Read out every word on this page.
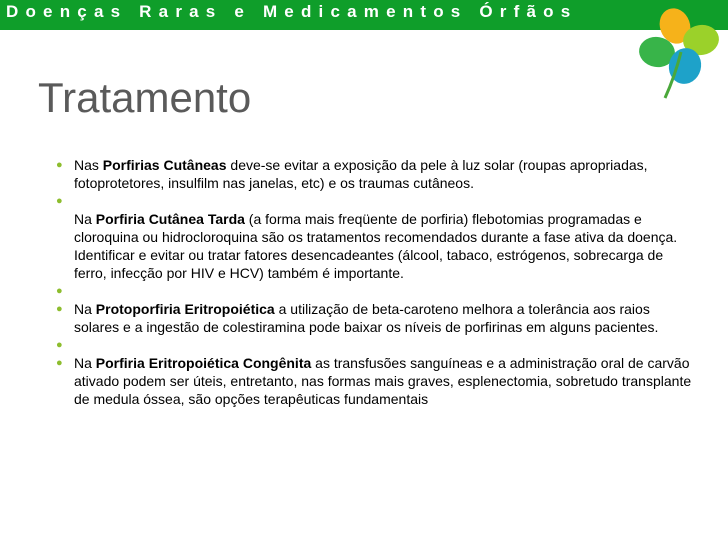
Doenças Raras e Medicamentos Órfãos
Tratamento
● Nas Porfirias Cutâneas deve-se evitar a exposição da pele à luz solar (roupas apropriadas, fotoprotetores, insulfilm nas janelas, etc) e os traumas cutâneos.
●
Na Porfiria Cutânea Tarda (a forma mais freqüente de porfiria) flebotomias programadas e cloroquina ou hidrocloroquina são os tratamentos recomendados durante a fase ativa da doença. Identificar e evitar ou tratar fatores desencadeantes (álcool, tabaco, estrógenos, sobrecarga de ferro, infecção por HIV e HCV) também é importante.
●
● Na Protoporfiria Eritropoiética a utilização de beta-caroteno melhora a tolerância aos raios solares e a ingestão de colestiramina pode baixar os níveis de porfirinas em alguns pacientes.
●
● Na Porfiria Eritropoiética Congênita as transfusões sanguíneas e a administração oral de carvão ativado podem ser úteis, entretanto, nas formas mais graves, esplenectomia, sobretudo transplante de medula óssea, são opções terapêuticas fundamentais
